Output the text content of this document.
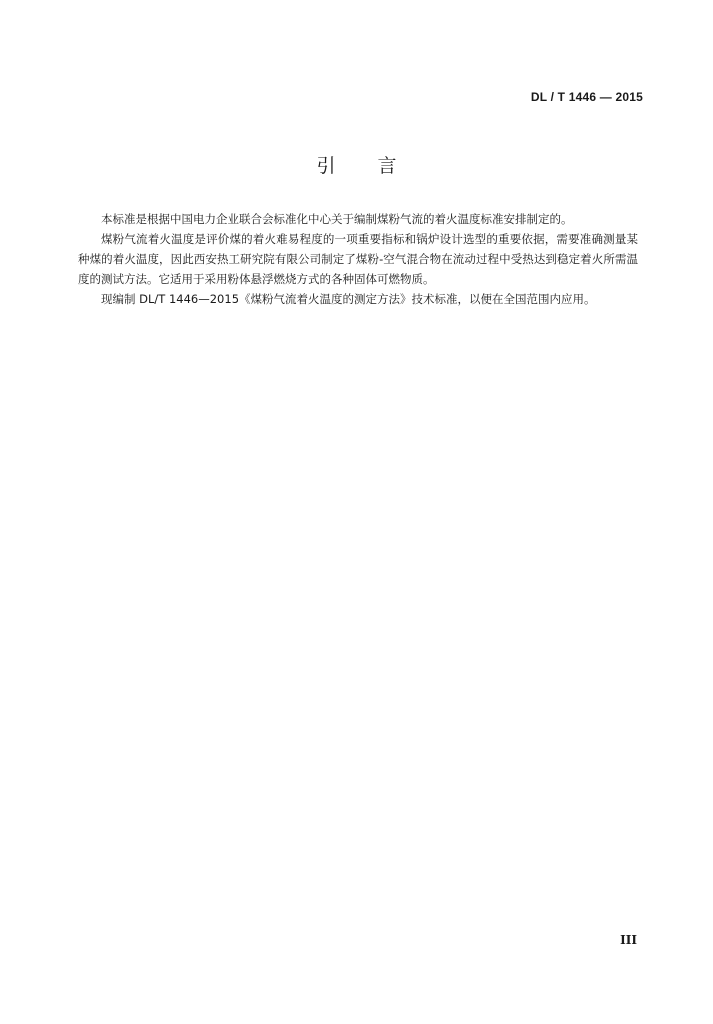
DL / T 1446 — 2015
引言

本标准是根据中国电力企业联合会标准化中心关于编制煤粉气流的着火温度标准安排制定的。

煤粉气流着火温度是评价煤的着火难易程度的一项重要指标和锅炉设计选型的重要依据，需要准确测量某种煤的着火温度，因此西安热工研究院有限公司制定了煤粉-空气混合物在流动过程中受热达到稳定着火所需温度的测试方法。它适用于采用粉体悬浮燃烧方式的各种固体可燃物质。

现编制 DL/T 1446—2015《煤粉气流着火温度的测定方法》技术标准，以便在全国范围内应用。

III
